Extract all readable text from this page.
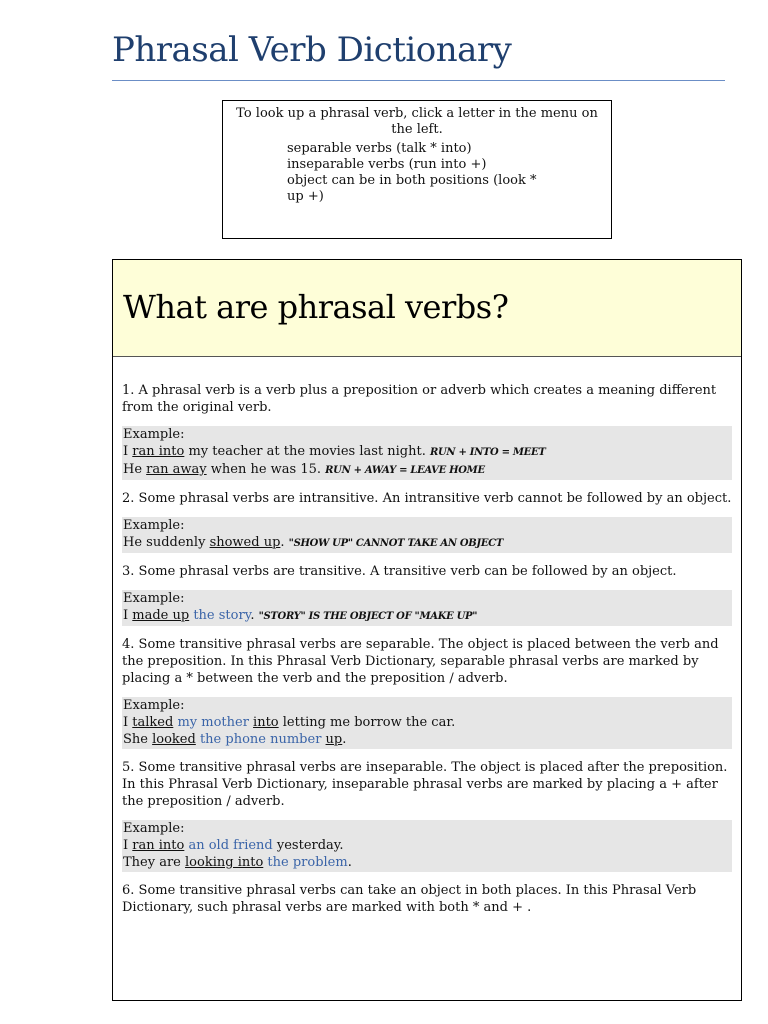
Phrasal Verb Dictionary
To look up a phrasal verb, click a letter in the menu on the left.
separable verbs (talk * into)
inseparable verbs (run into +)
object can be in both positions (look * up +)
What are phrasal verbs?

1. A phrasal verb is a verb plus a preposition or adverb which creates a meaning different from the original verb.

Example:
I ran into my teacher at the movies last night. RUN + INTO = MEET
He ran away when he was 15. RUN + AWAY = LEAVE HOME

2. Some phrasal verbs are intransitive. An intransitive verb cannot be followed by an object.

Example:
He suddenly showed up. "SHOW UP" CANNOT TAKE AN OBJECT

3. Some phrasal verbs are transitive. A transitive verb can be followed by an object.

Example:
I made up the story. "STORY" IS THE OBJECT OF "MAKE UP"

4. Some transitive phrasal verbs are separable. The object is placed between the verb and the preposition. In this Phrasal Verb Dictionary, separable phrasal verbs are marked by placing a * between the verb and the preposition / adverb.

Example:
I talked my mother into letting me borrow the car.
She looked the phone number up.

5. Some transitive phrasal verbs are inseparable. The object is placed after the preposition. In this Phrasal Verb Dictionary, inseparable phrasal verbs are marked by placing a + after the preposition / adverb.

Example:
I ran into an old friend yesterday.
They are looking into the problem.

6. Some transitive phrasal verbs can take an object in both places. In this Phrasal Verb Dictionary, such phrasal verbs are marked with both * and + .
